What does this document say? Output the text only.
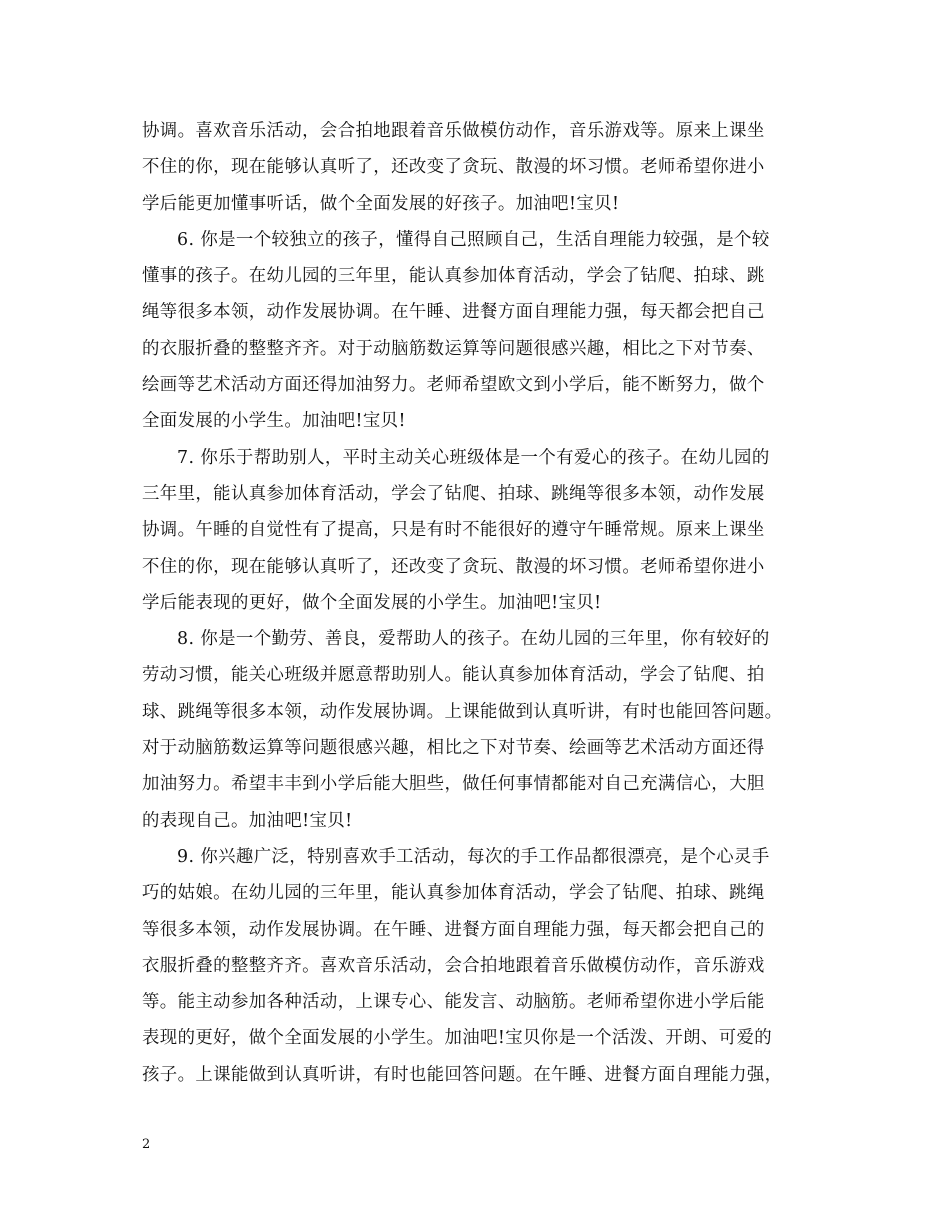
协调。喜欢音乐活动，会合拍地跟着音乐做模仿动作，音乐游戏等。原来上课坐
不住的你，现在能够认真听了，还改变了贪玩、散漫的坏习惯。老师希望你进小
学后能更加懂事听话，做个全面发展的好孩子。加油吧!宝贝!
6. 你是一个较独立的孩子，懂得自己照顾自己，生活自理能力较强，是个较
懂事的孩子。在幼儿园的三年里，能认真参加体育活动，学会了钻爬、拍球、跳
绳等很多本领，动作发展协调。在午睡、进餐方面自理能力强，每天都会把自己
的衣服折叠的整整齐齐。对于动脑筋数运算等问题很感兴趣，相比之下对节奏、
绘画等艺术活动方面还得加油努力。老师希望欧文到小学后，能不断努力，做个
全面发展的小学生。加油吧!宝贝!
7. 你乐于帮助别人，平时主动关心班级体是一个有爱心的孩子。在幼儿园的
三年里，能认真参加体育活动，学会了钻爬、拍球、跳绳等很多本领，动作发展
协调。午睡的自觉性有了提高，只是有时不能很好的遵守午睡常规。原来上课坐
不住的你，现在能够认真听了，还改变了贪玩、散漫的坏习惯。老师希望你进小
学后能表现的更好，做个全面发展的小学生。加油吧!宝贝!
8. 你是一个勤劳、善良，爱帮助人的孩子。在幼儿园的三年里，你有较好的
劳动习惯，能关心班级并愿意帮助别人。能认真参加体育活动，学会了钻爬、拍
球、跳绳等很多本领，动作发展协调。上课能做到认真听讲，有时也能回答问题。
对于动脑筋数运算等问题很感兴趣，相比之下对节奏、绘画等艺术活动方面还得
加油努力。希望丰丰到小学后能大胆些，做任何事情都能对自己充满信心，大胆
的表现自己。加油吧!宝贝!
9. 你兴趣广泛，特别喜欢手工活动，每次的手工作品都很漂亮，是个心灵手
巧的姑娘。在幼儿园的三年里，能认真参加体育活动，学会了钻爬、拍球、跳绳
等很多本领，动作发展协调。在午睡、进餐方面自理能力强，每天都会把自己的
衣服折叠的整整齐齐。喜欢音乐活动，会合拍地跟着音乐做模仿动作，音乐游戏
等。能主动参加各种活动，上课专心、能发言、动脑筋。老师希望你进小学后能
表现的更好，做个全面发展的小学生。加油吧!宝贝你是一个活泼、开朗、可爱的
孩子。上课能做到认真听讲，有时也能回答问题。在午睡、进餐方面自理能力强，
2
